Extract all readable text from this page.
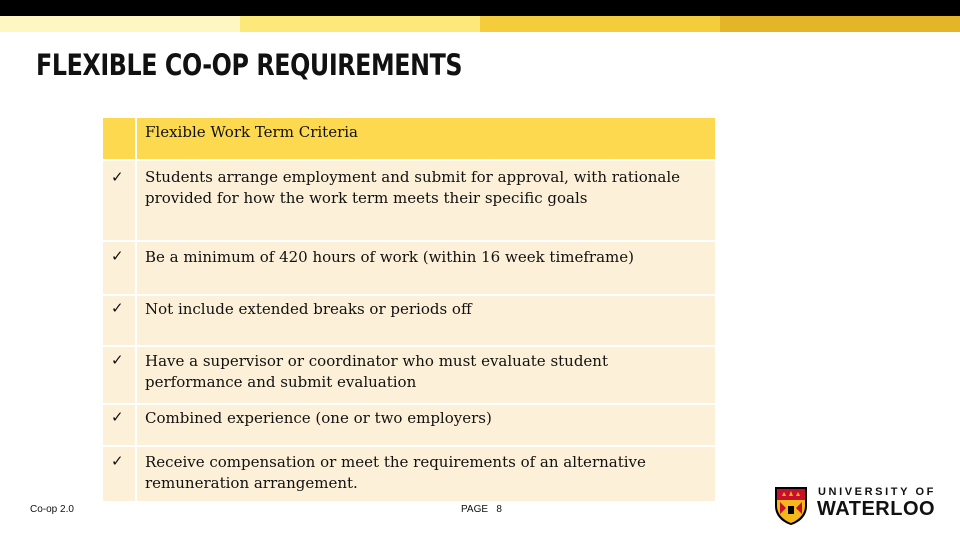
FLEXIBLE CO-OP REQUIREMENTS
Flexible Work Term Criteria
✓	Students arrange employment and submit for approval, with rationale
provided for how the work term meets their specific goals
✓	Be a minimum of 420 hours of work (within 16 week timeframe)
✓	Not include extended breaks or periods off
✓	Have a supervisor or coordinator who must evaluate student
performance and submit evaluation
✓	Combined experience (one or two employers)
✓	Receive compensation or meet the requirements of an alternative
remuneration arrangement.
Co-op 2.0	PAGE   8
UNIVERSITY OF
WATERLOO
